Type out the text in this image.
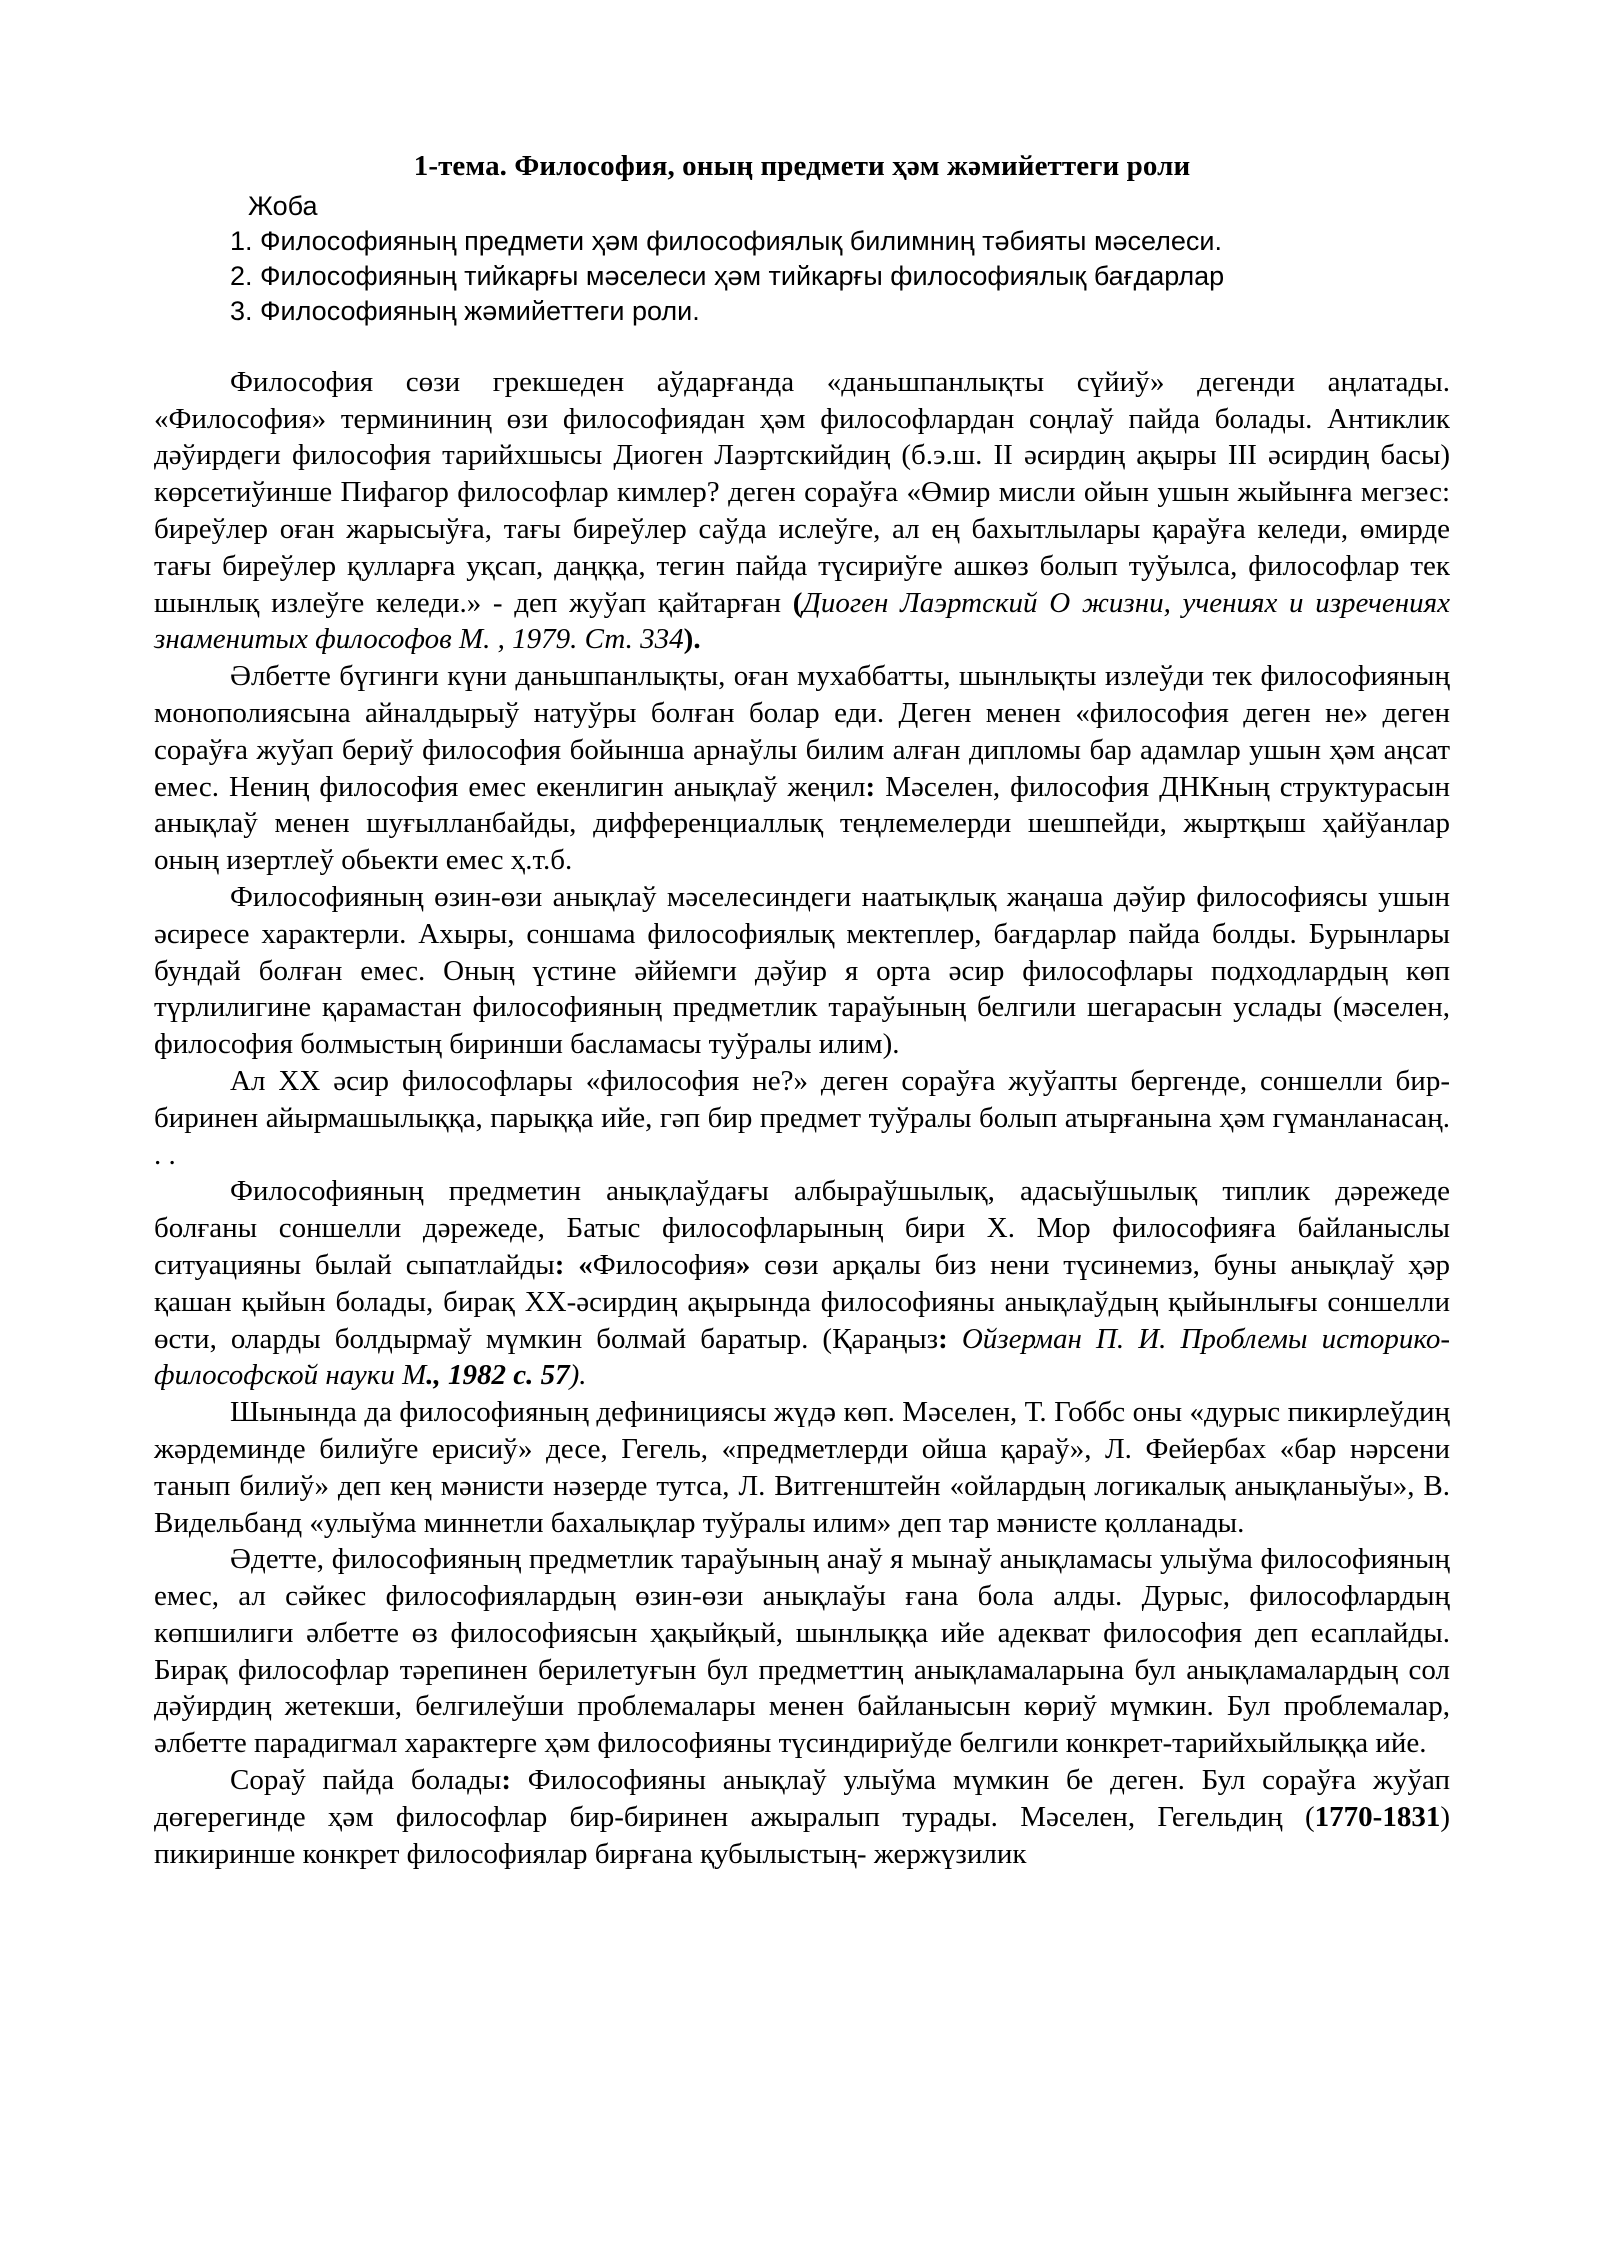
1-тема. Философия, оның предмети ҳәм жәмийеттеги роли
Жоба
1. Философияның предмети ҳәм философиялық билимниң тәбияты мәселеси.
2. Философияның тийкарғы мәселеси ҳәм тийкарғы философиялық бағдарлар
3. Философияның жәмийеттеги роли.

Философия сөзи грекшеден аўдарғанда «даньшпанлықты сүйиў» дегенди аңлатады. «Философия» термининиң өзи философиядан ҳәм философлардан соңлаў пайда болады. Антиклик дәўирдеги философия тарийхшысы Диоген Лаэртскийдиң (б.э.ш. II әсирдиң ақыры III әсирдиң басы) көрсетиўинше Пифагор философлар кимлер? деген сораўға «Өмир мисли ойын ушын жыйынға мегзес: биреўлер оған жарысыўға, тағы биреўлер саўда ислеўге, ал ең бахытлылары қараўға келеди, өмирде тағы биреўлер қулларға уқсап, даңққа, тегин пайда түсириўге ашкөз болып туўылса, философлар тек шынлық излеўге келеди.» - деп жуўап қайтарған (Диоген Лаэртский О жизни, учениях и изречениях знаменитых философов М. , 1979. Ст. 334).

Әлбетте бүгинги күни даньшпанлықты, оған мухаббатты, шынлықты излеўди тек философияның монополиясына айналдырыў натуўры болған болар еди. Деген менен «философия деген не» деген сораўға жуўап бериў философия бойынша арнаўлы билим алған дипломы бар адамлар ушын ҳәм аңсат емес. Нениң философия емес екенлигин анықлаў жеңил: Мәселен, философия ДНКның структурасын анықлаў менен шуғылланбайды, дифференциаллық теңлемелерди шешпейди, жыртқыш ҳайўанлар оның изертлеў обьекти емес ҳ.т.б.

Философияның өзин-өзи анықлаў мәселесиндеги наатықлық жаңаша дәўир философиясы ушын әсиресе характерли. Ахыры, соншама философиялық мектеплер, бағдарлар пайда болды. Бурынлары бундай болған емес. Оның үстине әййемги дәўир я орта әсир философлары подходлардың көп түрлилигине қарамастан философияның предметлик тараўының белгили шегарасын услады (мәселен, философия болмыстың биринши басламасы туўралы илим).

Ал XX әсир философлары «философия не?» деген сораўға жуўапты бергенде, соншелли бир-биринен айырмашылыққа, парыққа ийе, гәп бир предмет туўралы болып атырғанына ҳәм гүманланасаң. . .

Философияның предметин анықлаўдағы албыраўшылық, адасыўшылық типлик дәрежеде болғаны соншелли дәрежеде, Батыс философларының бири Х. Мор философияға байланыслы ситуацияны былай сыпатлайды: «Философия» сөзи арқалы биз нени түсинемиз, буны анықлаў ҳәр қашан қыйын болады, бирақ XX-әсирдиң ақырында философияны анықлаўдың қыйынлығы соншелли өсти, оларды болдырмаў мүмкин болмай баратыр. (Қараңыз: Ойзерман П. И. Проблемы историко- философской науки М., 1982 с. 57).

Шынында да философияның дефинициясы жүдә көп. Мәселен, Т. Гоббс оны «дурыс пикирлеўдиң жәрдеминде билиўге ерисиў» десе, Гегель, «предметлерди ойша қараў», Л. Фейербах «бар нәрсени танып билиў» деп кең мәнисти нәзерде тутса, Л. Витгенштейн «ойлардың логикалық анықланыўы», В. Видельбанд «улыўма миннетли бахалықлар туўралы илим» деп тар мәнисте қолланады.

Әдетте, философияның предметлик тараўының анаў я мынаў анықламасы улыўма философияның емес, ал сәйкес философиялардың өзин-өзи анықлаўы ғана бола алды. Дурыс, философлардың көпшилиги әлбетте өз философиясын ҳақыйқый, шынлыққа ийе адекват философия деп есаплайды. Бирақ философлар тәрепинен берилетуғын бул предметтиң анықламаларына бул анықламалардың сол дәўирдиң жетекши, белгилеўши проблемалары менен байланысын көриў мүмкин. Бул проблемалар, әлбетте парадигмал характерге ҳәм философияны түсиндириўде белгили конкрет-тарийхыйлыққа ийе.

Сораў пайда болады: Философияны анықлаў улыўма мүмкин бе деген. Бул сораўға жуўап дөгерегинде ҳәм философлар бир-биринен ажыралып турады. Мәселен, Гегельдиң (1770-1831) пикиринше конкрет философиялар бирғана қубылыстың- жержүзилик
